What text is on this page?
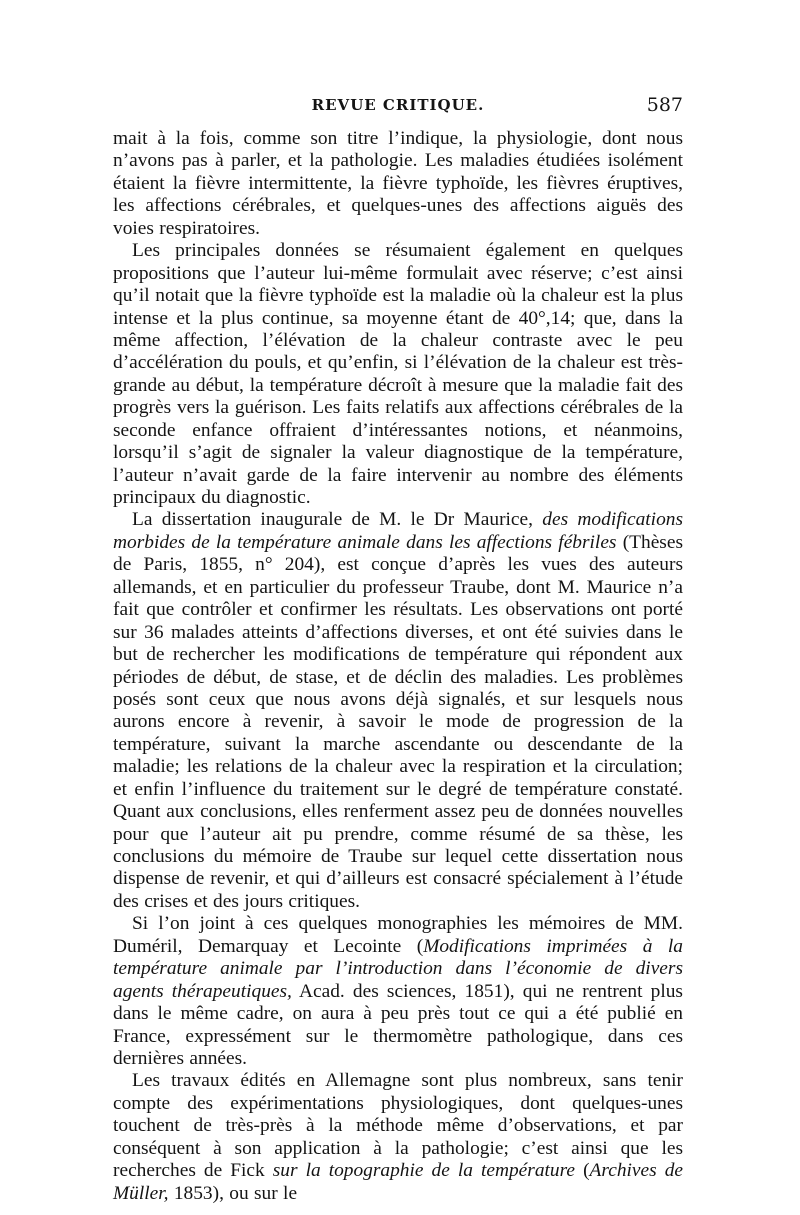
REVUE CRITIQUE.	587

mait à la fois, comme son titre l’indique, la physiologie, dont nous n’avons pas à parler, et la pathologie. Les maladies étudiées isolément étaient la fièvre intermittente, la fièvre typhoïde, les fièvres éruptives, les affections cérébrales, et quelques-unes des affections aiguës des voies respiratoires.

Les principales données se résumaient également en quelques propositions que l’auteur lui-même formulait avec réserve; c’est ainsi qu’il notait que la fièvre typhoïde est la maladie où la chaleur est la plus intense et la plus continue, sa moyenne étant de 40°,14; que, dans la même affection, l’élévation de la chaleur contraste avec le peu d’accélération du pouls, et qu’enfin, si l’élévation de la chaleur est très-grande au début, la température décroît à mesure que la maladie fait des progrès vers la guérison. Les faits relatifs aux affections cérébrales de la seconde enfance offraient d’intéressantes notions, et néanmoins, lorsqu’il s’agit de signaler la valeur diagnostique de la température, l’auteur n’avait garde de la faire intervenir au nombre des éléments principaux du diagnostic.

La dissertation inaugurale de M. le Dr Maurice, des modifications morbides de la température animale dans les affections fébriles (Thèses de Paris, 1855, n° 204), est conçue d’après les vues des auteurs allemands, et en particulier du professeur Traube, dont M. Maurice n’a fait que contrôler et confirmer les résultats. Les observations ont porté sur 36 malades atteints d’affections diverses, et ont été suivies dans le but de rechercher les modifications de température qui répondent aux périodes de début, de stase, et de déclin des maladies. Les problèmes posés sont ceux que nous avons déjà signalés, et sur lesquels nous aurons encore à revenir, à savoir le mode de progression de la température, suivant la marche ascendante ou descendante de la maladie; les relations de la chaleur avec la respiration et la circulation; et enfin l’influence du traitement sur le degré de température constaté. Quant aux conclusions, elles renferment assez peu de données nouvelles pour que l’auteur ait pu prendre, comme résumé de sa thèse, les conclusions du mémoire de Traube sur lequel cette dissertation nous dispense de revenir, et qui d’ailleurs est consacré spécialement à l’étude des crises et des jours critiques.

Si l’on joint à ces quelques monographies les mémoires de MM. Duméril, Demarquay et Lecointe (Modifications imprimées à la température animale par l’introduction dans l’économie de divers agents thérapeutiques, Acad. des sciences, 1851), qui ne rentrent plus dans le même cadre, on aura à peu près tout ce qui a été publié en France, expressément sur le thermomètre pathologique, dans ces dernières années.

Les travaux édités en Allemagne sont plus nombreux, sans tenir compte des expérimentations physiologiques, dont quelques-unes touchent de très-près à la méthode même d’observations, et par conséquent à son application à la pathologie; c’est ainsi que les recherches de Fick sur la topographie de la température (Archives de Müller, 1853), ou sur le
